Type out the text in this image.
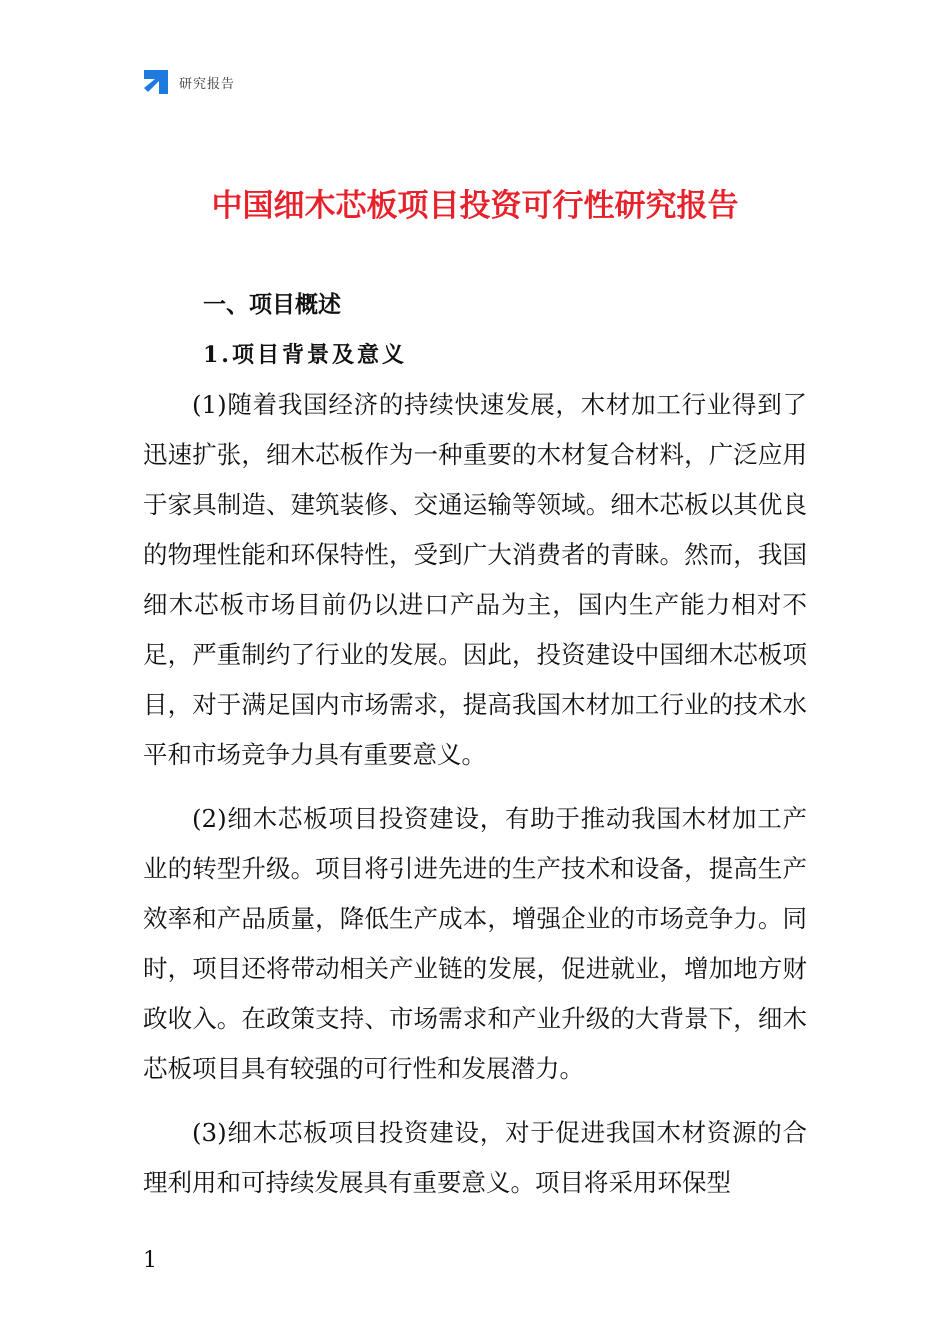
研究报告
中国细木芯板项目投资可行性研究报告
一、项目概述
1.项目背景及意义

(1)随着我国经济的持续快速发展，木材加工行业得到了迅速扩张，细木芯板作为一种重要的木材复合材料，广泛应用于家具制造、建筑装修、交通运输等领域。细木芯板以其优良的物理性能和环保特性，受到广大消费者的青睐。然而，我国细木芯板市场目前仍以进口产品为主，国内生产能力相对不足，严重制约了行业的发展。因此，投资建设中国细木芯板项目，对于满足国内市场需求，提高我国木材加工行业的技术水平和市场竞争力具有重要意义。

(2)细木芯板项目投资建设，有助于推动我国木材加工产业的转型升级。项目将引进先进的生产技术和设备，提高生产效率和产品质量，降低生产成本，增强企业的市场竞争力。同时，项目还将带动相关产业链的发展，促进就业，增加地方财政收入。在政策支持、市场需求和产业升级的大背景下，细木芯板项目具有较强的可行性和发展潜力。

(3)细木芯板项目投资建设，对于促进我国木材资源的合理利用和可持续发展具有重要意义。项目将采用环保型

1
